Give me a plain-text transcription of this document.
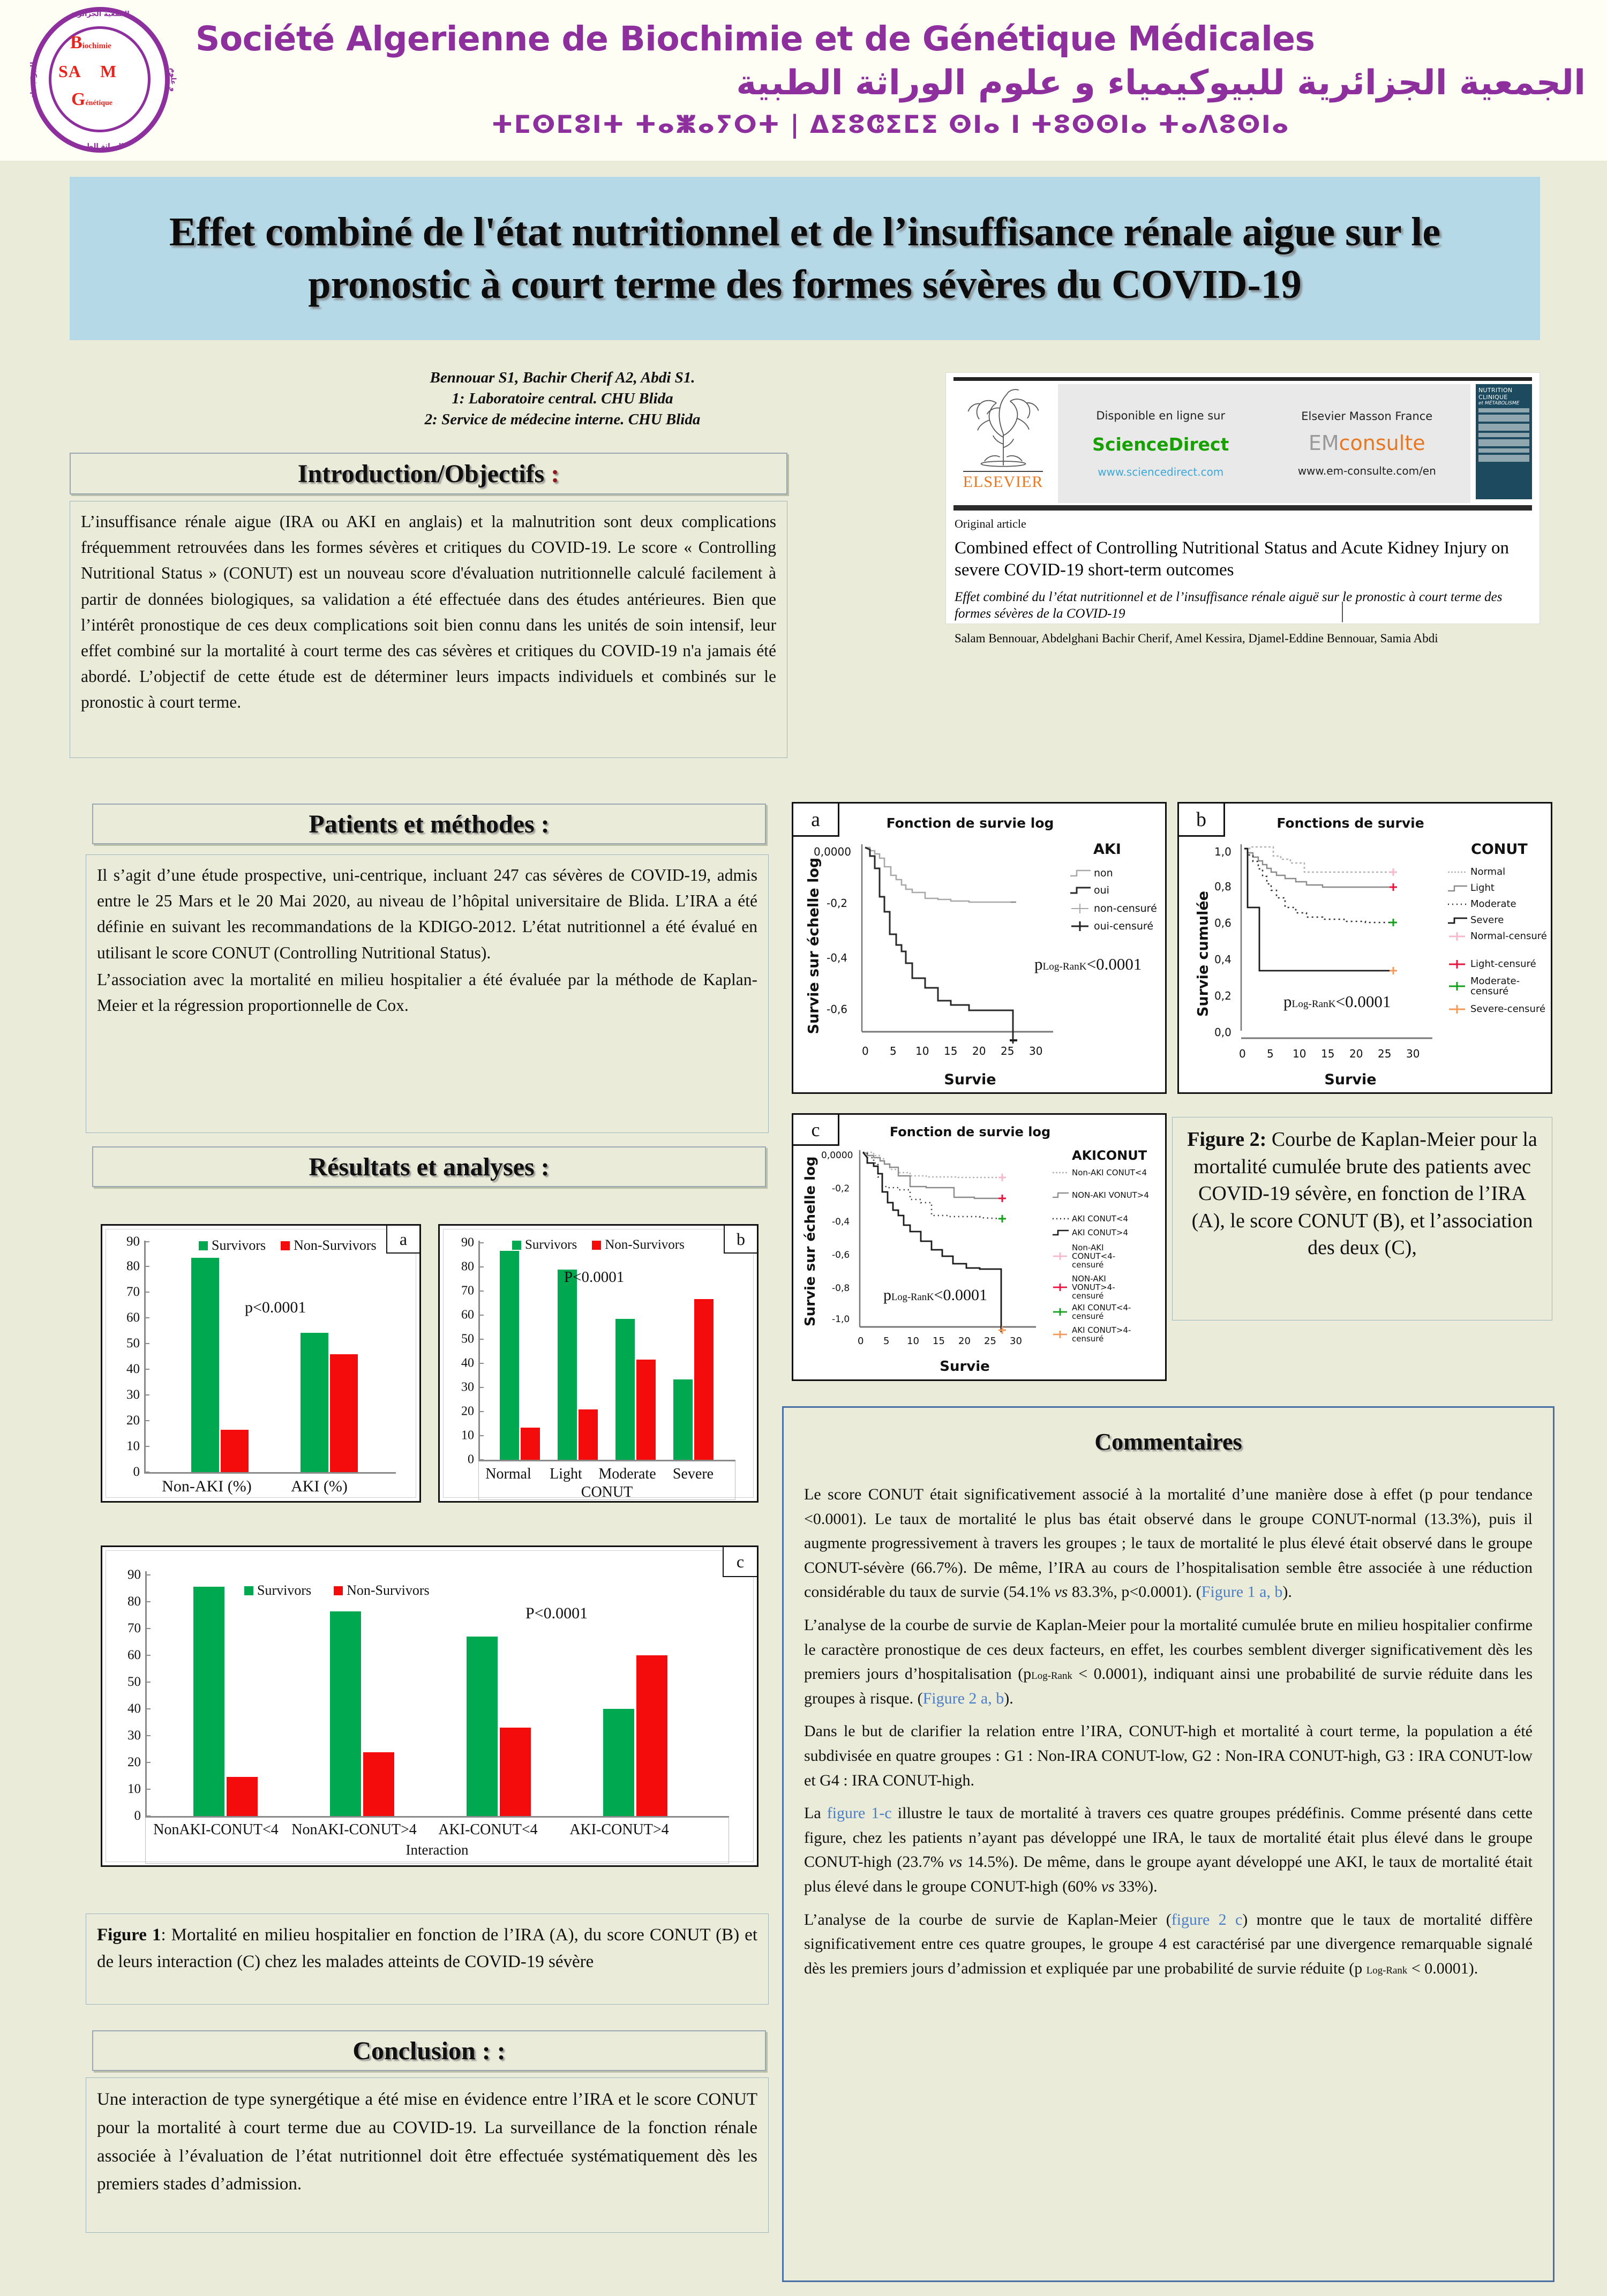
الجمعية الجزائرية
الوراثة الطبية
للبيوكيمياء	و علوم
Biochimie
SA M
Génétique
Société Algerienne de Biochimie et de Génétique Médicales
الجمعية الجزائرية للبيوكيمياء و علوم الوراثة الطبية
ⵜⵎⵙⵎⵓⵏⵜ ⵜⴰⵥⴰⵢⵔⵜ | ⵠⵉⵓⵛⵉⵎⵉ ⵙⵏⴰ ⵏ ⵜⵓⵙⵙⵏⴰ ⵜⴰⴷⵓⵙⵏⴰ
Effet combiné de l'état nutritionnel et de l’insuffisance rénale aigue sur le pronostic à court terme des formes sévères du COVID-19
Bennouar S1, Bachir Cherif A2, Abdi S1.
1: Laboratoire central. CHU Blida
2: Service de médecine interne. CHU Blida
ELSEVIER
Disponible en ligne sur
ScienceDirect
www.sciencedirect.com
Elsevier Masson France
EM
|
consulte
www.em-consulte.com/en
NUTRITION CLINIQUE
et MÉTABOLISME
Original article
Combined effect of Controlling Nutritional Status and Acute Kidney Injury on severe COVID-19 short-term outcomes
Effet combiné du l’état nutritionnel et de l’insuffisance rénale aiguë sur le pronostic à court terme des formes sévères de la COVID-19
Salam Bennouar, Abdelghani Bachir Cherif, Amel Kessira, Djamel-Eddine Bennouar, Samia Abdi
Introduction/Objectifs :

L’insuffisance rénale aigue (IRA ou AKI en anglais) et la malnutrition sont deux complications fréquemment retrouvées dans les formes sévères et critiques du COVID-19. Le score « Controlling Nutritional Status » (CONUT) est un nouveau score d'évaluation nutritionnelle calculé facilement à partir de données biologiques, sa validation a été effectuée dans des études antérieures. Bien que l’intérêt pronostique de ces deux complications soit bien connu dans les unités de soin intensif, leur effet combiné sur la mortalité à court terme des cas sévères et critiques du COVID-19 n'a jamais été abordé. L’objectif de cette étude est de déterminer leurs impacts individuels et combinés sur le pronostic à court terme.

Patients et méthodes :

Il s’agit d’une étude prospective, uni-centrique, incluant 247 cas sévères de COVID-19, admis entre le 25 Mars et le 20 Mai 2020, au niveau de l’hôpital universitaire de Blida. L’IRA a été définie en suivant les recommandations de la KDIGO-2012. L’état nutritionnel a été évalué en utilisant le score CONUT (Controlling Nutritional Status).

L’association avec la mortalité en milieu hospitalier a été évaluée par la méthode de Kaplan-Meier et la régression proportionnelle de Cox.

Résultats et analyses :
a	Fonction de survie log
Survie sur échelle log
Survie
0,0000
-0,2
-0,4
-0,6
0 5 10 15 20 25 30
AKI
non
oui
non-censuré
oui-censuré
pLog-RanK<0.0001
b	Fonctions de survie
Survie cumulée
Survie
0,0
0,2
0,4
0,6
0,8
1,0
0 5 10 15 20 25 30
CONUT
Normal
Light
Moderate
Severe
Normal-censuré
Light-censuré
Moderate-censuré
Severe-censuré
pLog-RanK<0.0001
c	Fonction de survie log
Survie sur échelle log
Survie
0,0000
-0,2
-0,4
-0,6
-0,8
-1,0
0 5 10 15 20 25 30
AKICONUT
Non-AKI CONUT<4
NON-AKI VONUT>4
AKI CONUT<4
AKI CONUT>4
Non-AKI CONUT<4-censuré
NON-AKI VONUT>4-censuré
AKI CONUT<4-censuré
AKI CONUT>4-censuré
pLog-RanK<0.0001

Figure 2: Courbe de Kaplan-Meier pour la mortalité cumulée brute des patients avec COVID-19 sévère, en fonction de l’IRA (A), le score CONUT (B), et l’association des deux (C),

a
Survivors Non-Survivors
0
10
20
30
40
50
60
70
80
90
p<0.0001
Non-AKI (%)	AKI (%)
b
Survivors Non-Survivors
0
10
20
30
40
50
60
70
80
90
P<0.0001
Normal	Light	Moderate	Severe
CONUT
c
Survivors	Non-Survivors
0
10
20
30
40
50
60
70
80
90
P<0.0001
NonAKI-CONUT<4 NonAKI-CONUT>4	AKI-CONUT<4	AKI-CONUT>4
Interaction

Figure 1: Mortalité en milieu hospitalier en fonction de l’IRA (A), du score CONUT (B) et de leurs interaction (C) chez les malades atteints de COVID-19 sévère

Conclusion : :

Une interaction de type synergétique a été mise en évidence entre l’IRA et le score CONUT pour la mortalité à court terme due au COVID-19. La surveillance de la fonction rénale associée à l’évaluation de l’état nutritionnel doit être effectuée systématiquement dès les premiers stades d’admission.

Commentaires

Le score CONUT était significativement associé à la mortalité d’une manière dose à effet (p pour tendance <0.0001). Le taux de mortalité le plus bas était observé dans le groupe CONUT-normal (13.3%), puis il augmente progressivement à travers les groupes ; le taux de mortalité le plus élevé était observé dans le groupe CONUT-sévère (66.7%). De même, l’IRA au cours de l’hospitalisation semble être associée à une réduction considérable du taux de survie (54.1% vs 83.3%, p<0.0001). (Figure 1 a, b).

L’analyse de la courbe de survie de Kaplan-Meier pour la mortalité cumulée brute en milieu hospitalier confirme le caractère pronostique de ces deux facteurs, en effet, les courbes semblent diverger significativement dès les premiers jours d’hospitalisation (pLog-Rank < 0.0001), indiquant ainsi une probabilité de survie réduite dans les groupes à risque. (Figure 2 a, b).

Dans le but de clarifier la relation entre l’IRA, CONUT-high et mortalité à court terme, la population a été subdivisée en quatre groupes : G1 : Non-IRA CONUT-low, G2 : Non-IRA CONUT-high, G3 : IRA CONUT-low et G4 : IRA CONUT-high.

La figure 1-c illustre le taux de mortalité à travers ces quatre groupes prédéfinis. Comme présenté dans cette figure, chez les patients n’ayant pas développé une IRA, le taux de mortalité était plus élevé dans le groupe CONUT-high (23.7% vs 14.5%). De même, dans le groupe ayant développé une AKI, le taux de mortalité était plus élevé dans le groupe CONUT-high (60% vs 33%).

L’analyse de la courbe de survie de Kaplan-Meier (figure 2 c) montre que le taux de mortalité diffère significativement entre ces quatre groupes, le groupe 4 est caractérisé par une divergence remarquable signalé dès les premiers jours d’admission et expliquée par une probabilité de survie réduite (p Log-Rank < 0.0001).
